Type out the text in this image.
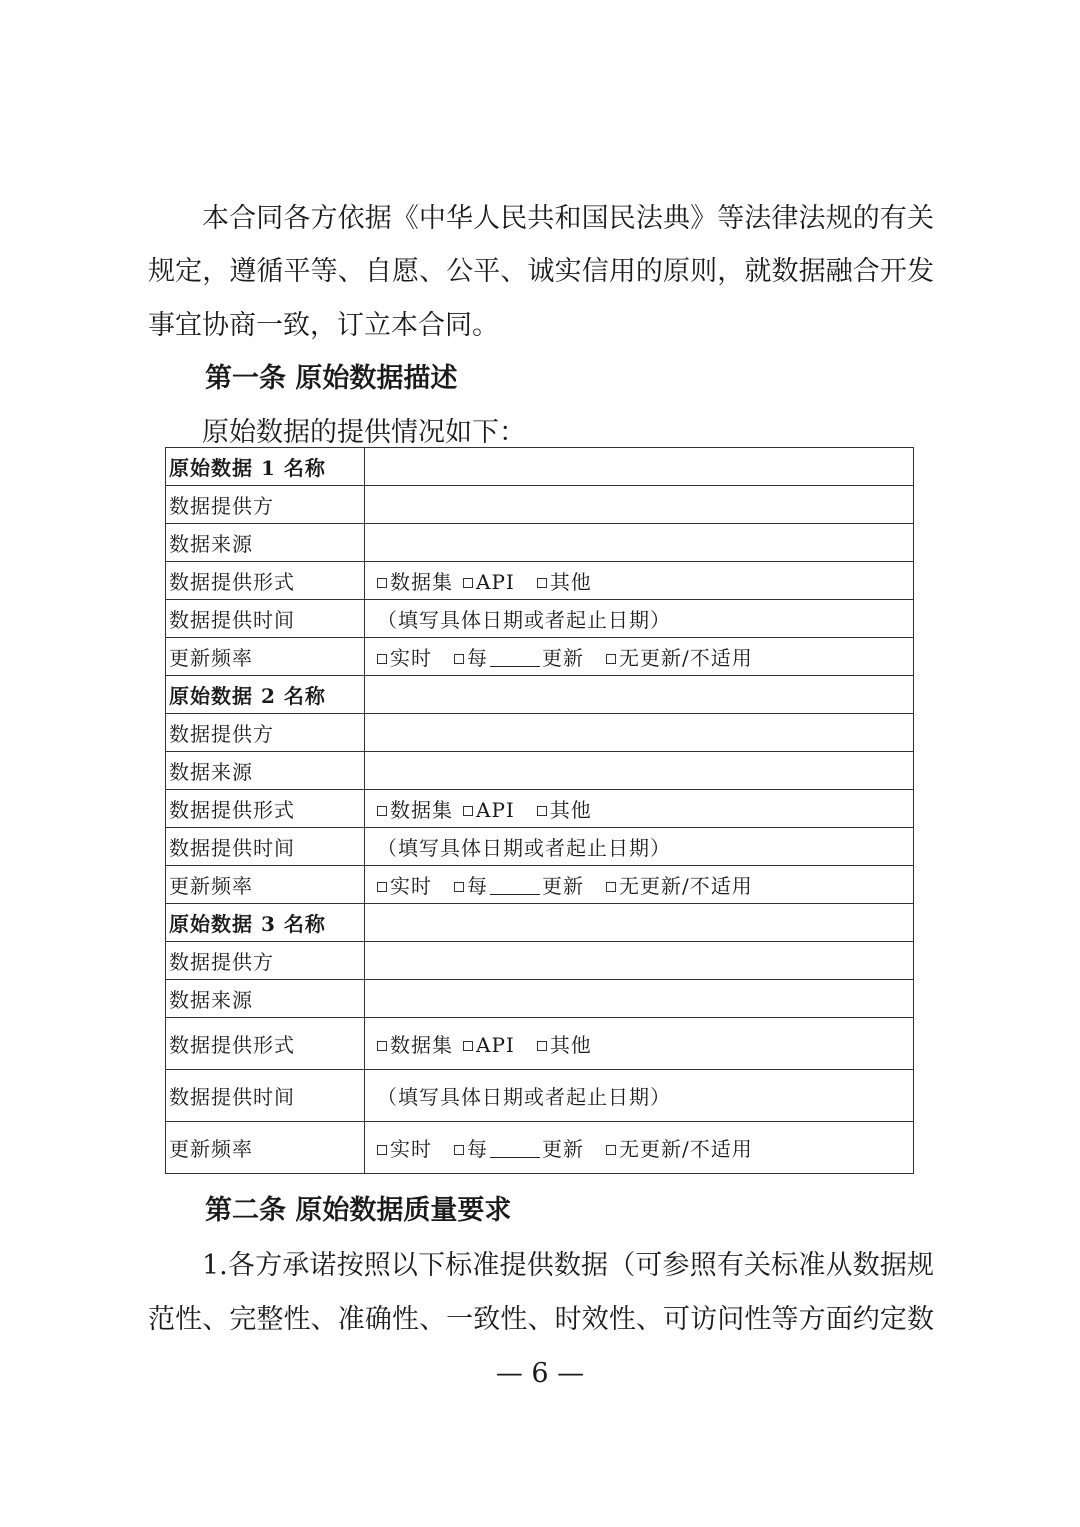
本合同各方依据《中华人民共和国民法典》等法律法规的有关
规定，遵循平等、自愿、公平、诚实信用的原则，就数据融合开发
事宜协商一致，订立本合同。
第一条 原始数据描述
原始数据的提供情况如下：
原始数据 1 名称	
数据提供方	
数据来源	
数据提供形式	数据集 API 其他
数据提供时间	（填写具体日期或者起止日期）
更新频率	实时 每 更新 无更新/不适用
原始数据 2 名称	
数据提供方	
数据来源	
数据提供形式	数据集 API 其他
数据提供时间	（填写具体日期或者起止日期）
更新频率	实时 每 更新 无更新/不适用
原始数据 3 名称	
数据提供方	
数据来源	
数据提供形式	数据集 API 其他
数据提供时间	（填写具体日期或者起止日期）
更新频率	实时 每 更新 无更新/不适用
第二条 原始数据质量要求
1.各方承诺按照以下标准提供数据（可参照有关标准从数据规
范性、完整性、准确性、一致性、时效性、可访问性等方面约定数
— 6 —
